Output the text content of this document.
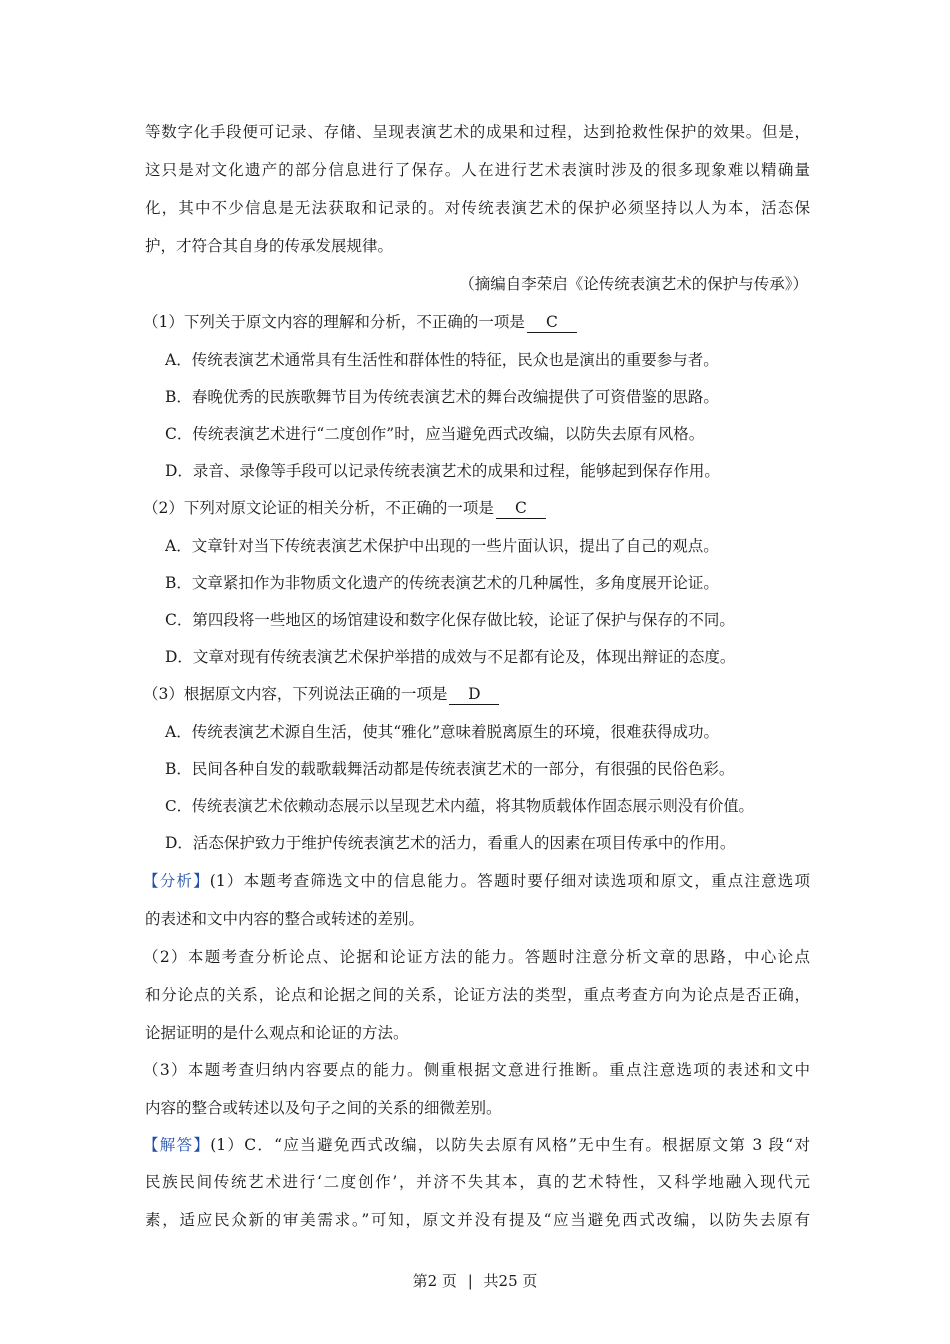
等数字化手段便可记录、存储、呈现表演艺术的成果和过程，达到抢救性保护的效果。但是，
这只是对文化遗产的部分信息进行了保存。人在进行艺术表演时涉及的很多现象难以精确量
化，其中不少信息是无法获取和记录的。对传统表演艺术的保护必须坚持以人为本，活态保
护，才符合其自身的传承发展规律。
（摘编自李荣启《论传统表演艺术的保护与传承》）
（1）下列关于原文内容的理解和分析，不正确的一项是 C
A．传统表演艺术通常具有生活性和群体性的特征，民众也是演出的重要参与者。
B．春晚优秀的民族歌舞节目为传统表演艺术的舞台改编提供了可资借鉴的思路。
C．传统表演艺术进行“二度创作”时，应当避免西式改编，以防失去原有风格。
D．录音、录像等手段可以记录传统表演艺术的成果和过程，能够起到保存作用。
（2）下列对原文论证的相关分析，不正确的一项是 C
A．文章针对当下传统表演艺术保护中出现的一些片面认识，提出了自己的观点。
B．文章紧扣作为非物质文化遗产的传统表演艺术的几种属性，多角度展开论证。
C．第四段将一些地区的场馆建设和数字化保存做比较，论证了保护与保存的不同。
D．文章对现有传统表演艺术保护举措的成效与不足都有论及，体现出辩证的态度。
（3）根据原文内容，下列说法正确的一项是 D
A．传统表演艺术源自生活，使其“雅化”意味着脱离原生的环境，很难获得成功。
B．民间各种自发的载歌载舞活动都是传统表演艺术的一部分，有很强的民俗色彩。
C．传统表演艺术依赖动态展示以呈现艺术内蕴，将其物质载体作固态展示则没有价值。
D．活态保护致力于维护传统表演艺术的活力，看重人的因素在项目传承中的作用。
【分析】(1）本题考查筛选文中的信息能力。答题时要仔细对读选项和原文，重点注意选项
的表述和文中内容的整合或转述的差别。
（2）本题考查分析论点、论据和论证方法的能力。答题时注意分析文章的思路，中心论点
和分论点的关系，论点和论据之间的关系，论证方法的类型，重点考查方向为论点是否正确，
论据证明的是什么观点和论证的方法。
（3）本题考查归纳内容要点的能力。侧重根据文意进行推断。重点注意选项的表述和文中
内容的整合或转述以及句子之间的关系的细微差别。
【解答】(1）C．“应当避免西式改编，以防失去原有风格”无中生有。根据原文第 3 段“对
民族民间传统艺术进行‘二度创作’，并济不失其本，真的艺术特性，又科学地融入现代元
素，适应民众新的审美需求。”可知，原文并没有提及“应当避免西式改编，以防失去原有
第2 页 | 共25 页
